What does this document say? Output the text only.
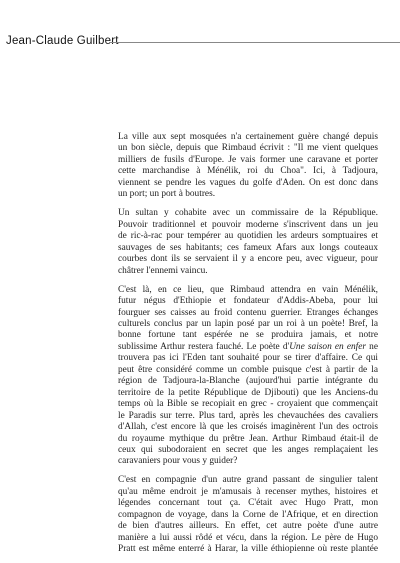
Jean-Claude Guilbert

La ville aux sept mosquées n'a certainement guère changé depuis
un bon siècle, depuis que Rimbaud écrivit : "Il me vient quelques
milliers de fusils d'Europe. Je vais former une caravane et porter
cette marchandise à Ménélik, roi du Choa". Ici, à Tadjoura,
viennent se pendre les vagues du golfe d'Aden. On est donc dans
un port; un port à boutres.

Un sultan y cohabite avec un commissaire de la République.
Pouvoir traditionnel et pouvoir moderne s'inscrivent dans un jeu
de ric-à-rac pour tempérer au quotidien les ardeurs somptuaires et
sauvages de ses habitants; ces fameux Afars aux longs couteaux
courbes dont ils se servaient il y a encore peu, avec vigueur, pour
châtrer l'ennemi vaincu.

C'est là, en ce lieu, que Rimbaud attendra en vain Ménélik,
futur négus d'Ethiopie et fondateur d'Addis-Abeba, pour lui
fourguer ses caisses au froid contenu guerrier. Etranges échanges
culturels conclus par un lapin posé par un roi à un poète! Bref, la
bonne fortune tant espérée ne se produira jamais, et notre
sublissime Arthur restera fauché. Le poète d'Une saison en enfer ne
trouvera pas ici l'Eden tant souhaité pour se tirer d'affaire. Ce qui
peut être considéré comme un comble puisque c'est à partir de la
région de Tadjoura-la-Blanche (aujourd'hui partie intégrante du
territoire de la petite République de Djibouti) que les Anciens-du
temps où la Bible se recopiait en grec - croyaient que commençait
le Paradis sur terre. Plus tard, après les chevauchées des cavaliers
d'Allah, c'est encore là que les croisés imaginèrent l'un des octrois
du royaume mythique du prêtre Jean. Arthur Rimbaud était-il de
ceux qui subodoraient en secret que les anges remplaçaient les
caravaniers pour vous y guider?

C'est en compagnie d'un autre grand passant de singulier talent
qu'au même endroit je m'amusais à recenser mythes, histoires et
légendes concernant tout ça. C'était avec Hugo Pratt, mon
compagnon de voyage, dans la Corne de l'Afrique, et en direction
de bien d'autres ailleurs. En effet, cet autre poète d'une autre
manière a lui aussi rôdé et vécu, dans la région. Le père de Hugo
Pratt est même enterré à Harar, la ville éthiopienne où reste plantée
